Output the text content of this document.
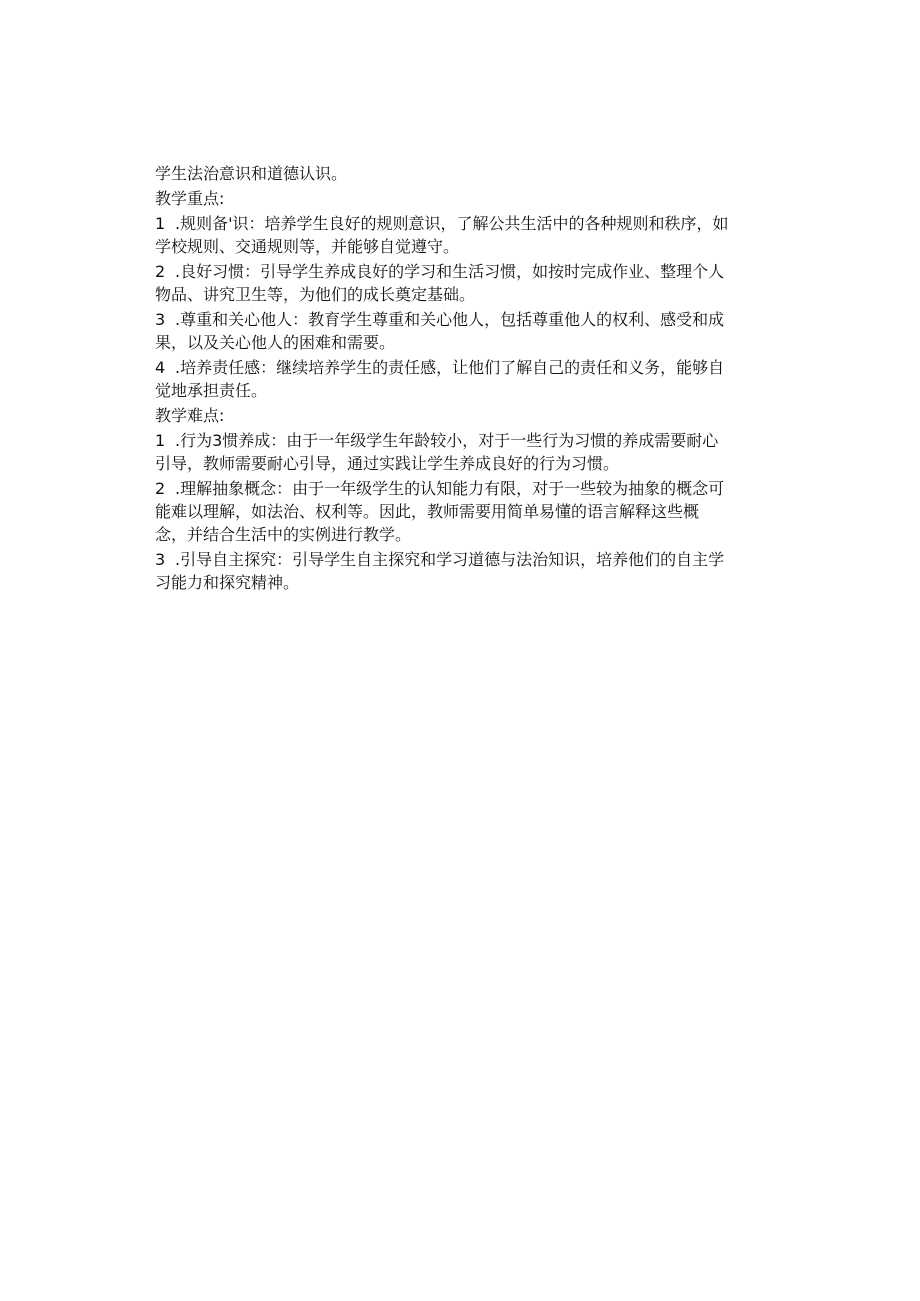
学生法治意识和道德认识。
教学重点:
1 .规则备'识：培养学生良好的规则意识，了解公共生活中的各种规则和秩序，如
学校规则、交通规则等，并能够自觉遵守。
2 .良好习惯：引导学生养成良好的学习和生活习惯，如按时完成作业、整理个人
物品、讲究卫生等，为他们的成长奠定基础。
3 .尊重和关心他人：教育学生尊重和关心他人，包括尊重他人的权利、感受和成
果，以及关心他人的困难和需要。
4 .培养责任感：继续培养学生的责任感，让他们了解自己的责任和义务，能够自
觉地承担责任。
教学难点:
1 .行为3惯养成：由于一年级学生年龄较小，对于一些行为习惯的养成需要耐心
引导，教师需要耐心引导，通过实践让学生养成良好的行为习惯。
2 .理解抽象概念：由于一年级学生的认知能力有限，对于一些较为抽象的概念可
能难以理解，如法治、权利等。因此，教师需要用简单易懂的语言解释这些概
念，并结合生活中的实例进行教学。
3 .引导自主探究：引导学生自主探究和学习道德与法治知识，培养他们的自主学
习能力和探究精神。
